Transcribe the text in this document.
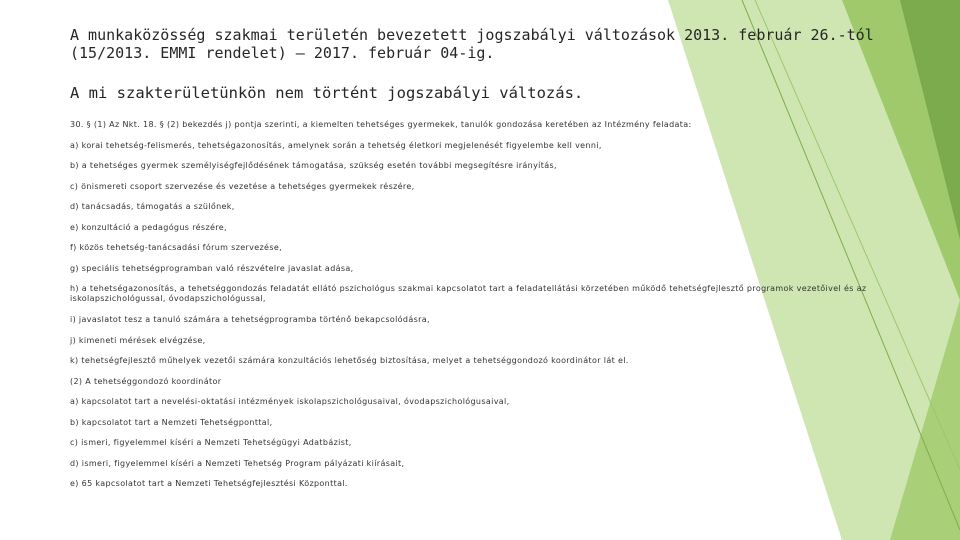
A munkaközösség szakmai területén bevezetett jogszabályi változások 2013. február 26.-tól
(15/2013. EMMI rendelet) – 2017. február 04-ig.
A mi szakterületünkön nem történt jogszabályi változás.

30. § (1) Az Nkt. 18. § (2) bekezdés j) pontja szerinti, a kiemelten tehetséges gyermekek, tanulók gondozása keretében az Intézmény feladata:

a) korai tehetség-felismerés, tehetségazonosítás, amelynek során a tehetség életkori megjelenését figyelembe kell venni,

b) a tehetséges gyermek személyiségfejlődésének támogatása, szükség esetén további megsegítésre irányítás,

c) önismereti csoport szervezése és vezetése a tehetséges gyermekek részére,

d) tanácsadás, támogatás a szülőnek,

e) konzultáció a pedagógus részére,

f) közös tehetség-tanácsadási fórum szervezése,

g) speciális tehetségprogramban való részvételre javaslat adása,

h) a tehetségazonosítás, a tehetséggondozás feladatát ellátó pszichológus szakmai kapcsolatot tart a feladatellátási körzetében működő tehetségfejlesztő programok vezetőivel és az iskolapszichológussal, óvodapszichológussal,

i) javaslatot tesz a tanuló számára a tehetségprogramba történő bekapcsolódásra,

j) kimeneti mérések elvégzése,

k) tehetségfejlesztő műhelyek vezetői számára konzultációs lehetőség biztosítása, melyet a tehetséggondozó koordinátor lát el.

(2) A tehetséggondozó koordinátor

a) kapcsolatot tart a nevelési-oktatási intézmények iskolapszichológusaival, óvodapszichológusaival,

b) kapcsolatot tart a Nemzeti Tehetségponttal,

c) ismeri, figyelemmel kíséri a Nemzeti Tehetségügyi Adatbázist,

d) ismeri, figyelemmel kíséri a Nemzeti Tehetség Program pályázati kiírásait,

e) 65 kapcsolatot tart a Nemzeti Tehetségfejlesztési Központtal.
